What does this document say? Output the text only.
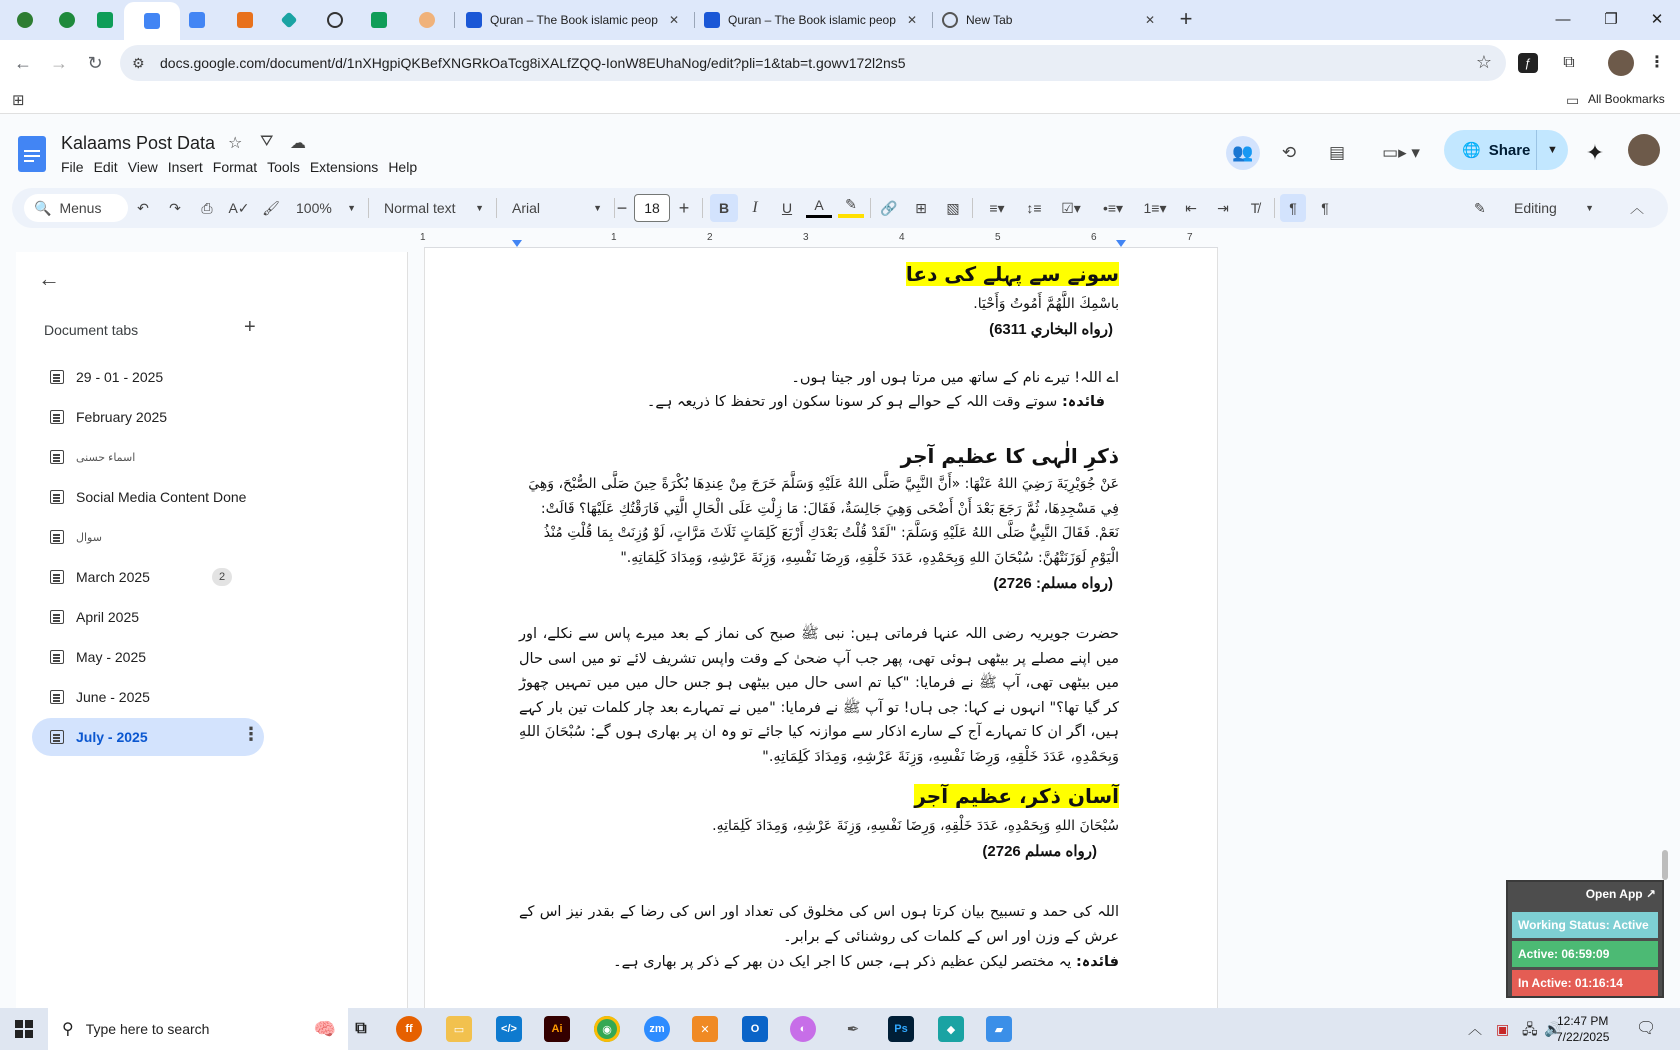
Quran – The Book islamic peop ✕	Quran – The Book islamic peop ✕	New Tab	✕	+	—	❐	✕
←	→	↻	⚙	docs.google.com/document/d/1nXHgpiQKBefXNGRkOaTcg8iXALfZQQ-IonW8EUhaNog/edit?pli=1&tab=t.gowv172l2ns5	☆	ƒ	⧉	⋮
⊞	▭ All Bookmarks
Kalaams Post Data ☆ ⛛ ☁
File Edit View Insert Format Tools Extensions Help
👥	⟲	▤	▭▸ ▾	🌐 Share	▼	✦
🔍 Menus	↶	↷	⎙	A✓ 🖌 100% ▼ Normal text ▼ Arial	▼ −	18	+	B	I	U	A	✎	🔗	⊞	▧	≡▾	↕≡	☑▾	•≡▾	1≡▾	⇤	⇥	T̸	¶	¶	✎ Editing	▼	︿
1	1	2	3	4	5	6	7
←
Document tabs	+
29 - 01 - 2025
February 2025
اسماء حسنی
Social Media Content Done
سوال
March 2025	2
April 2025
May - 2025
June - 2025
July - 2025	⋮
سونے سے پہلے کی دعا
باسْمِكَ اللَّهُمَّ أَمُوتُ وَأَحْيَا.
(رواه البخاري 6311)
اے اللہ! تیرے نام کے ساتھ میں مرتا ہوں اور جیتا ہوں۔
فائدہ: سوتے وقت اللہ کے حوالے ہو کر سونا سکون اور تحفظ کا ذریعہ ہے۔
ذکرِ الٰہی کا عظیم آجر
عَنْ جُوَيْرِيَةَ رَضِيَ اللهُ عَنْهَا: «أَنَّ النَّبِيَّ صَلَّى اللهُ عَلَيْهِ وَسَلَّمَ خَرَجَ مِنْ عِندِهَا بُكْرَةً حِينَ صَلَّى الصُّبْحَ، وَهِيَ فِي مَسْجِدِهَا، ثُمَّ رَجَعَ بَعْدَ أَنْ أَضْحَى وَهِيَ جَالِسَةٌ، فَقَالَ: مَا زِلْتِ عَلَى الْحَالِ الَّتِي فَارَقْتُكِ عَلَيْهَا؟ قَالَتْ: نَعَمْ. فَقَالَ النَّبِيُّ صَلَّى اللهُ عَلَيْهِ وَسَلَّمَ: "لَقَدْ قُلْتُ بَعْدَكِ أَرْبَعَ كَلِمَاتٍ ثَلَاثَ مَرَّاتٍ، لَوْ وُزِنَتْ بِمَا قُلْتِ مُنْذُ الْيَوْمِ لَوَزَنَتْهُنَّ: سُبْحَانَ اللهِ وَبِحَمْدِهِ، عَدَدَ خَلْقِهِ، وَرِضَا نَفْسِهِ، وَزِنَةَ عَرْشِهِ، وَمِدَادَ كَلِمَاتِهِ."
(رواه مسلم: 2726)
حضرت جویریہ رضی اللہ عنہا فرماتی ہیں: نبی ﷺ صبح کی نماز کے بعد میرے پاس سے نکلے، اور میں اپنے مصلے پر بیٹھی ہوئی تھی، پھر جب آپ ضحیٰ کے وقت واپس تشریف لائے تو میں اسی حال میں بیٹھی تھی، آپ ﷺ نے فرمایا: "کیا تم اسی حال میں بیٹھی ہو جس حال میں میں تمہیں چھوڑ کر گیا تھا؟" انہوں نے کہا: جی ہاں! تو آپ ﷺ نے فرمایا: "میں نے تمہارے بعد چار کلمات تین بار کہے ہیں، اگر ان کا تمہارے آج کے سارے اذکار سے موازنہ کیا جائے تو وہ ان پر بھاری ہوں گے: سُبْحَانَ اللهِ وَبِحَمْدِهِ، عَدَدَ خَلْقِهِ، وَرِضَا نَفْسِهِ، وَزِنَةَ عَرْشِهِ، وَمِدَادَ كَلِمَاتِهِ."
آسان ذکر، عظیم آجر
سُبْحَانَ اللهِ وَبِحَمْدِهِ، عَدَدَ خَلْقِهِ، وَرِضَا نَفْسِهِ، وَزِنَةَ عَرْشِهِ، وَمِدَادَ كَلِمَاتِهِ.
(رواه مسلم 2726)
اللہ کی حمد و تسبیح بیان کرتا ہوں اس کی مخلوق کی تعداد اور اس کی رضا کے بقدر نیز اس کے عرش کے وزن اور اس کے کلمات کی روشنائی کے برابر۔
فائدہ: یہ مختصر لیکن عظیم ذکر ہے، جس کا اجر ایک دن بھر کے ذکر پر بھاری ہے۔
Open App ↗
Working Status: Active
Active: 06:59:09
In Active: 01:16:14
⚲ Type here to search	🧠	⧉	ff	▭	</>	Ai	◉	zm	✕	O	◐	✒	Ps	◆	▰	︿ ▣ 🖧 🔊
12:47 PM
7/22/2025 🗨
